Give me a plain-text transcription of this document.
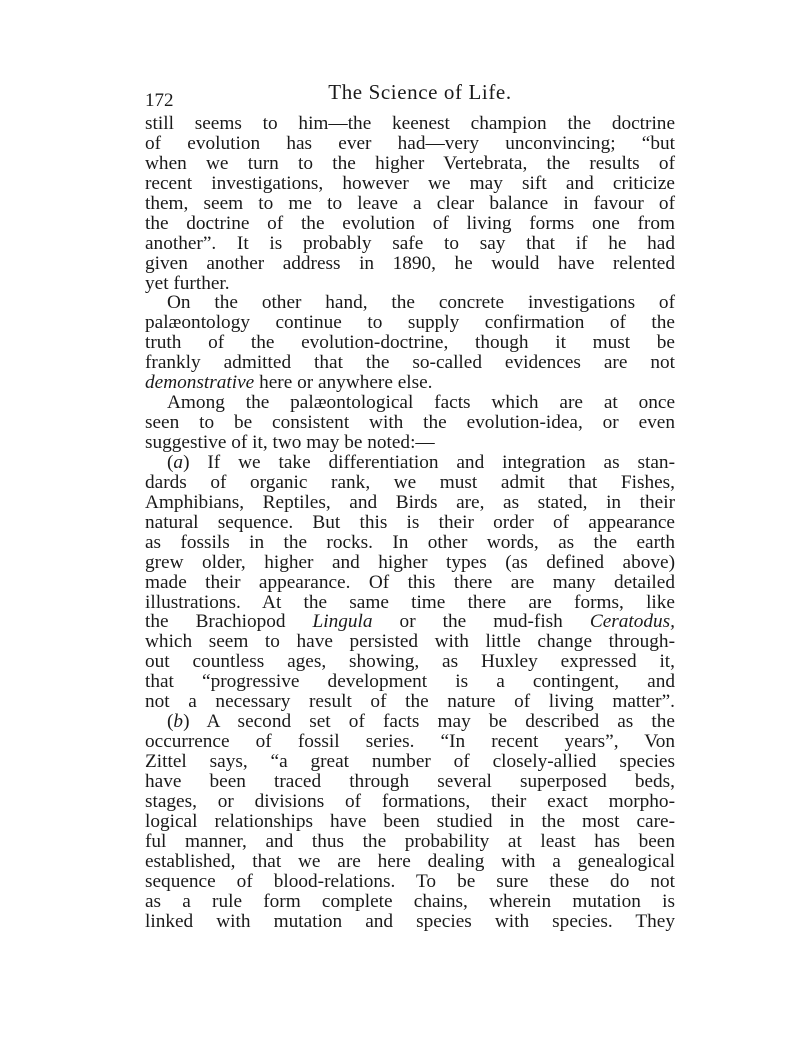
172	The Science of Life.
still seems to him—the keenest champion the doctrine
of evolution has ever had—very unconvincing; “but
when we turn to the higher Vertebrata, the results of
recent investigations, however we may sift and criticize
them, seem to me to leave a clear balance in favour of
the doctrine of the evolution of living forms one from
another”. It is probably safe to say that if he had
given another address in 1890, he would have relented
yet further.
On the other hand, the concrete investigations of
palæontology continue to supply confirmation of the
truth of the evolution-doctrine, though it must be
frankly admitted that the so-called evidences are not
demonstrative here or anywhere else.
Among the palæontological facts which are at once
seen to be consistent with the evolution-idea, or even
suggestive of it, two may be noted:—
(a) If we take differentiation and integration as stan-
dards of organic rank, we must admit that Fishes,
Amphibians, Reptiles, and Birds are, as stated, in their
natural sequence. But this is their order of appearance
as fossils in the rocks. In other words, as the earth
grew older, higher and higher types (as defined above)
made their appearance. Of this there are many detailed
illustrations. At the same time there are forms, like
the Brachiopod Lingula or the mud-fish Ceratodus,
which seem to have persisted with little change through-
out countless ages, showing, as Huxley expressed it,
that “progressive development is a contingent, and
not a necessary result of the nature of living matter”.
(b) A second set of facts may be described as the
occurrence of fossil series. “In recent years”, Von
Zittel says, “a great number of closely-allied species
have been traced through several superposed beds,
stages, or divisions of formations, their exact morpho-
logical relationships have been studied in the most care-
ful manner, and thus the probability at least has been
established, that we are here dealing with a genealogical
sequence of blood-relations. To be sure these do not
as a rule form complete chains, wherein mutation is
linked with mutation and species with species. They
